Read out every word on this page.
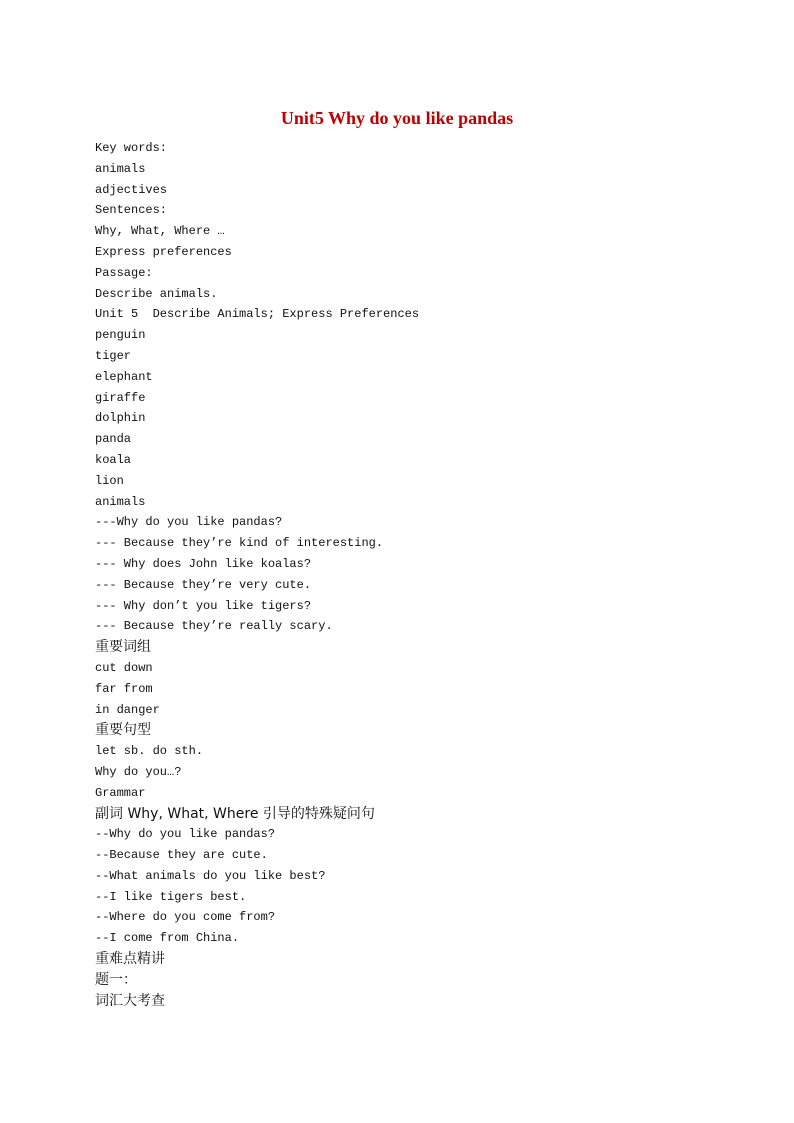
Unit5 Why do you like pandas
Key words:
animals
adjectives
Sentences:
Why, What, Where …
Express preferences
Passage:
Describe animals.
Unit 5  Describe Animals; Express Preferences
penguin
tiger
elephant
giraffe
dolphin
panda
koala
lion
animals
---Why do you like pandas?
--- Because they’re kind of interesting.
--- Why does John like koalas?
--- Because they’re very cute.
--- Why don’t you like tigers?
--- Because they’re really scary.
重要词组
cut down
far from
in danger
重要句型
let sb. do sth.
Why do you…?
Grammar
副词 Why, What, Where 引导的特殊疑问句
--Why do you like pandas?
--Because they are cute.
--What animals do you like best?
--I like tigers best.
--Where do you come from?
--I come from China.
重难点精讲
题一：
词汇大考查
